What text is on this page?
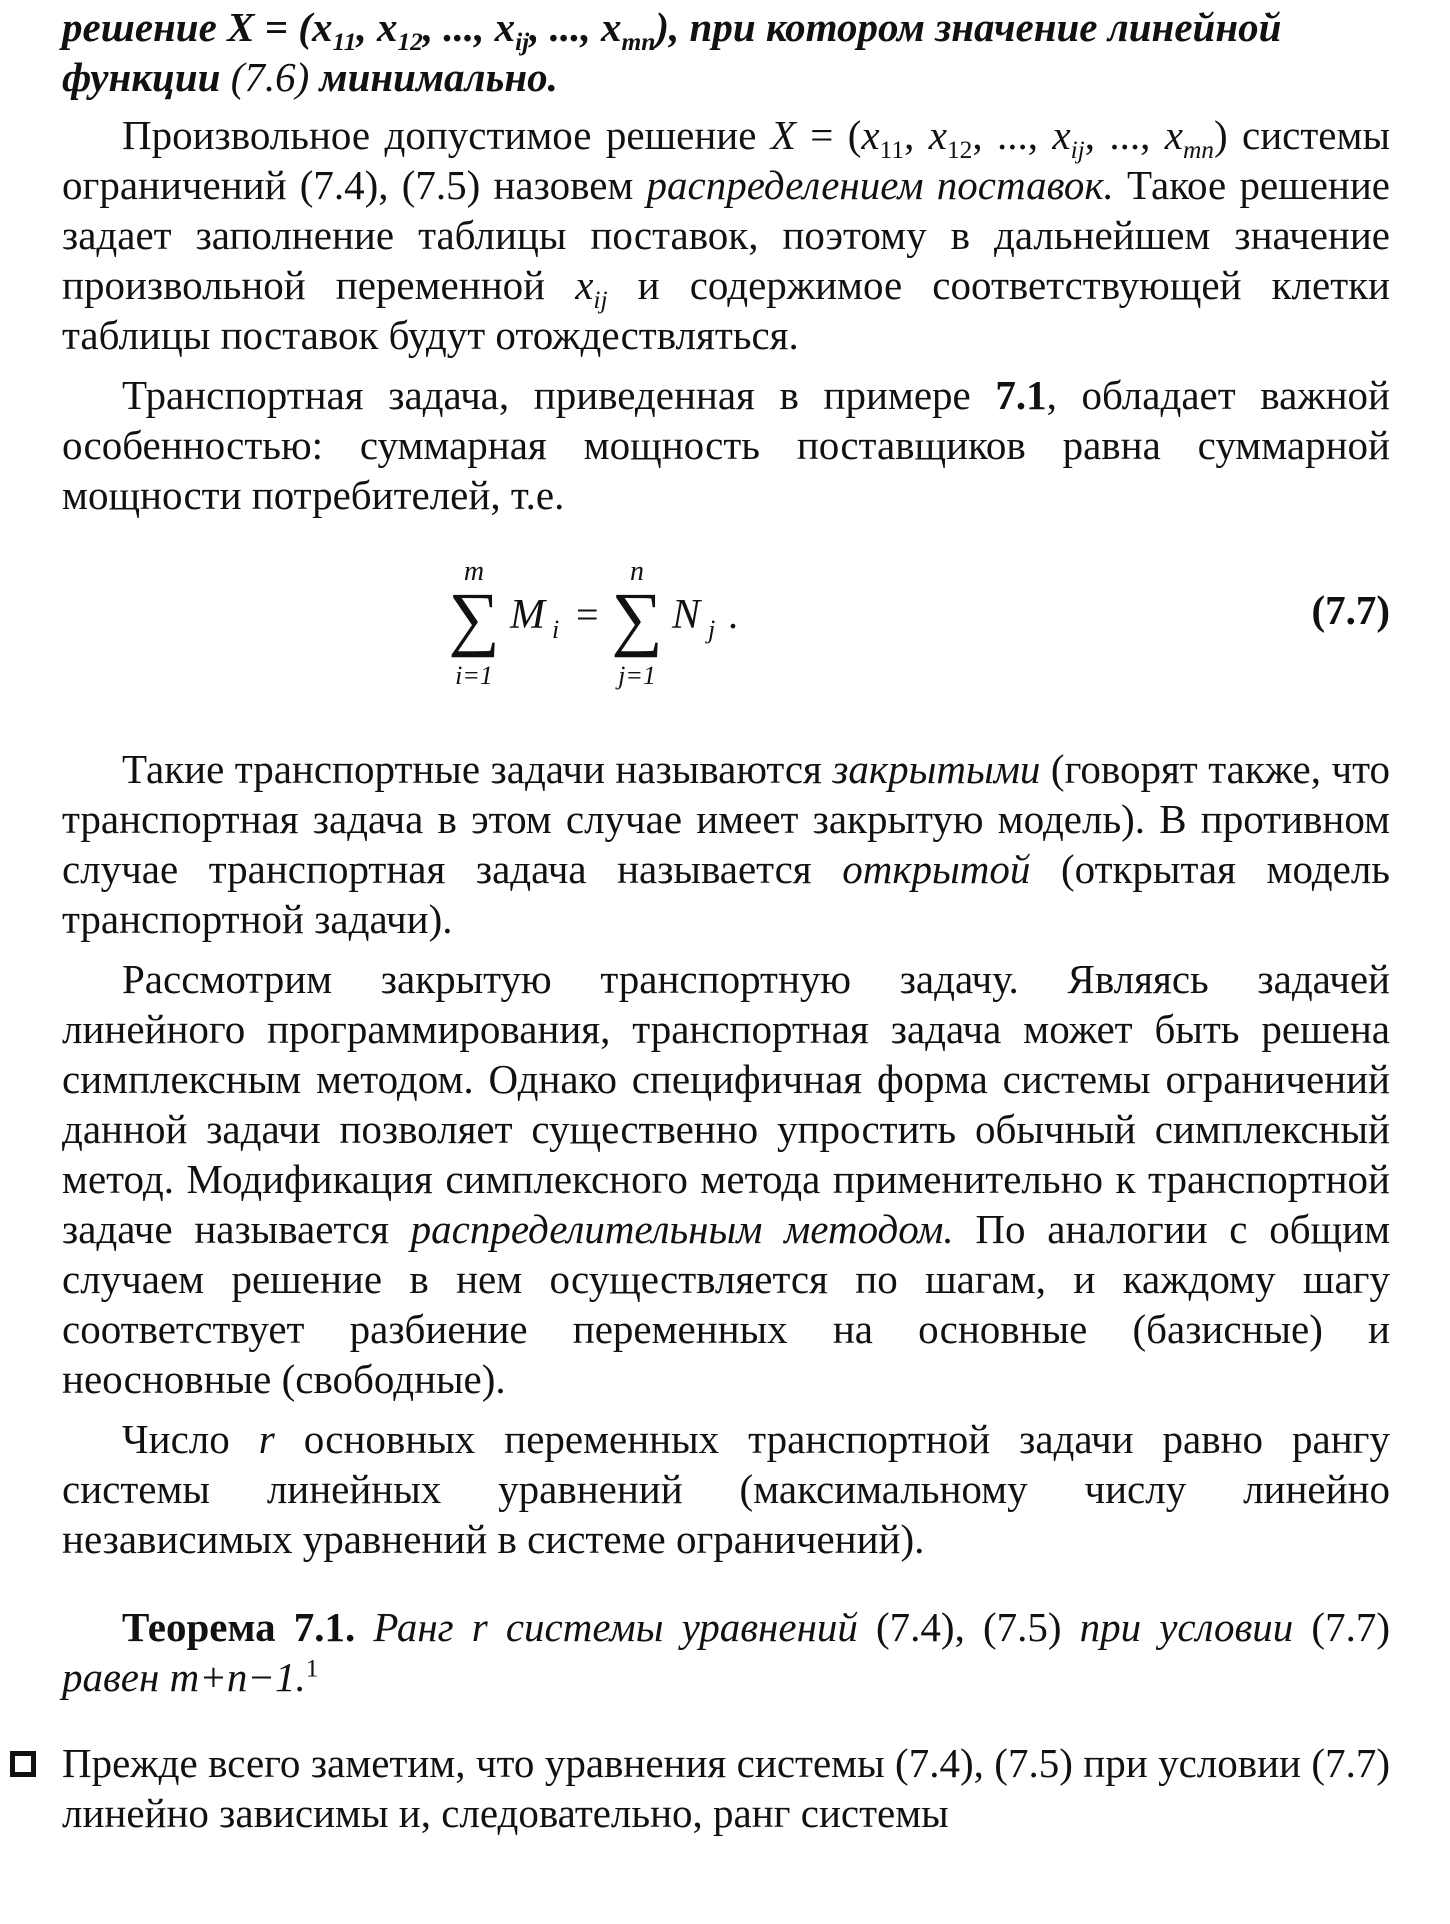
решение $X = (x_{11}$, $x_{12}$, ..., $x_{ij}$, ..., $x_{mn}$), при котором значение линейной
функции (7.6) минимально.

Произвольное допустимое решение $X = (x_{11}$, $x_{12}$, ..., $x_{ij}$, ..., $x_{mn}$) системы ограничений (7.4), (7.5) назовем распределением поставок. Такое решение задает заполнение таблицы поставок, поэтому в дальнейшем значение произвольной переменной $x_{ij}$ и содержимое соответствующей клетки таблицы поставок будут отождествляться.

Транспортная задача, приведенная в примере 7.1, обладает важной особенностью: суммарная мощность поставщиков равна суммарной мощности потребителей, т.е.

m
∑
i=1
M i =
n
∑
j=1
N j .	(7.7)

Такие транспортные задачи называются закрытыми (говорят также, что транспортная задача в этом случае имеет закрытую модель). В противном случае транспортная задача называется открытой (открытая модель транспортной задачи).

Рассмотрим закрытую транспортную задачу. Являясь задачей линейного программирования, транспортная задача может быть решена симплексным методом. Однако специфичная форма системы ограничений данной задачи позволяет существенно упростить обычный симплексный метод. Модификация симплексного метода применительно к транспортной задаче называется распределительным методом. По аналогии с общим случаем решение в нем осуществляется по шагам, и каждому шагу соответствует разбиение переменных на основные (базисные) и неосновные (свободные).

Число r основных переменных транспортной задачи равно рангу системы линейных уравнений (максимальному числу линейно независимых уравнений в системе ограничений).

Теорема 7.1. Ранг r системы уравнений (7.4), (7.5) при условии (7.7) равен m+n−1.$^1$

Прежде всего заметим, что уравнения системы (7.4), (7.5) при условии (7.7) линейно зависимы и, следовательно, ранг системы
